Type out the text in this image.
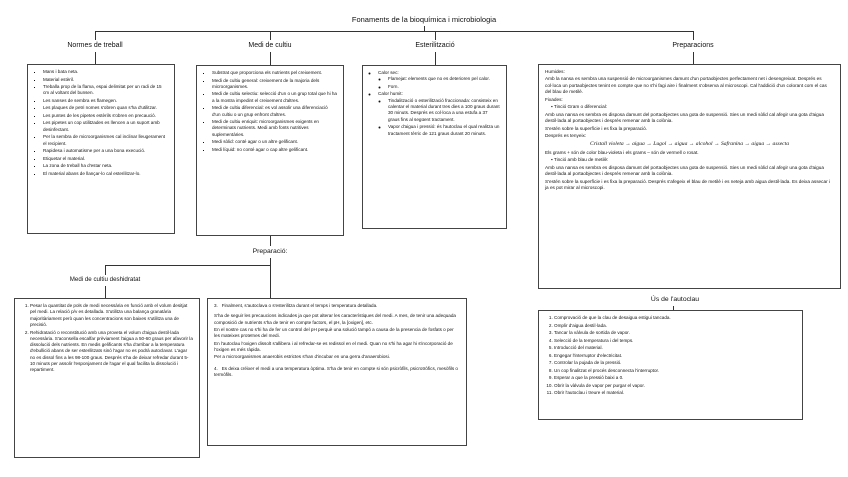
Fonaments de la bioquímica i microbiologia
Normes de treball	Medi de cultiu	Esterilització	Preparacions
▪ Mans i bata neta.
▪ Material estèril.
▪ Treballa prop de la flama, espai delimitat per un radi de 15 cm al voltant del bunsen.
▪ Les nanses de sembra es flamegen.
▪ Les plaques de petri nomes s'obren quan s'ha d'utilitzar.
▪ Les puntes de les pipetes estèrils s'obren en precaució.
▪ Les pipetes un cop utilitzades es llencen a un suport amb desinfectant.
▪ Per la sembra de microorganismes cal inclinar lleugerament el recipient.
▪ Rapidesa i automatisme per a una bona execució.
▪ Etiquetar el material.
▪ La zona de treball ha d'estar neta.
▪ El material abans de llançar-lo cal esterilitzar-lo.
▪ Substrat que proporciona els nutrients pel creixement.
▪ Medi de cultiu general: creixement de la majoria dels microorganismes.
▪ Medi de cultiu selectiu: selecció d'un o un grup total que hi ha a la mostra impedint el creixement d'altres.
▪ Medi de cultiu diferencial: es vol assolir una diferenciació d'un cultiu o un grup enfront d'altres.
▪ Medi de cultiu enriquit: microorganismes exigents en determinats nutrients. Medi amb fonts nutritives suplementàries.
▪ Medi sòlid: conté agar o un altre gelificant.
▪ Medi líquid: no conté agar o cap altre gelificant.
◦ Calor sec:
◦ Flamejat: elements que no es deterioren pel calor.
◦ Forn.
◦ Calor humit:
◦ Tindalització o esterilització fraccionada: consisteix en calentar el material durant tres dies a 100 graus durant 30 minuts. Després es col·loca a una estufa a 37 graus fins al següent tractament.
◦ Vapor d'aigua i pressió: és l'autoclau el qual realitza un tractament tèrric de 121 graus durant 20 minuts.

Humides:

Amb la nansa es sembra una suspensió de microorganismes damunt d'un portaobjectes perfectament net i desengreixat. Després es col·loca un portaobjectes tenint en compte que no s'hi fagi aire i finalment s'observa al microscopi. Cal l'addició d'un colorant com el cas del blau de metilè.

Fixades:

▪ Tinció Gram o diferencial:

Amb una nansa es sembra es disposa damunt del portaobjectes una gota de suspensió. Sies un medi sòlid cal afegir una gota d'aigua destil·lada al portaobjectes i després remenar amb la colònia.

S'estén sobre la superfície i es fixa la preparació.

Després es tenyeix:

Cristall violeta → aigua → Lugol → aigua → alcohol → Safranina → aigua → assecta

Els grams + són de color blau-violeta i els grams – són de vermell o rosat.

▪ Tinció amb blau de metilè:

Amb una nansa es sembra es disposa damunt del portaobjectes una gota de suspensió. Sies un medi sòlid cal afegir una gota d'aigua destil·lada al portaobjectes i després remenar amb la colònia.

S'estén sobre la superfície i es fixa la preparació. Després s'afegeix el blau de metilè i es neteja amb aigua destil·lada. Es deixa assecar i ja es pot mirar al microscopi.

Preparació:
Medi de cultiu deshidratat
1. Pesar la quantitat de pols de medi necessària en funció amb el volum desitjat pel medi. La relació p/v es detallada. S'utilitza una balança granatària majoritàriament però quan les concentracions son baixes s'utilitza una de precisió.
2. Rehidratació o reconstitució amb una proveta el volum d'aigua destil·lada necessària. S'aconsella escalfar prèviament l'aigua a 50-60 graus per afavorir la dissolució dels nutrients. En medis gelificants s'ha d'arribar a la temperatura d'ebullició abans de ser esterilitzats sinó l'agar no es podrà autoclavar. L'agar no es dissol fins a les 98-100 graus. Després s'ha de deixar refredar durant 5-10 minuts per assolir l'esponjament de l'agar el qual facilita la dissolució i repartiment.

3. Finalment, s'autoclava o s'esterilitza durant el temps i temperatura detallada.

S'ha de seguir les precaucions indicades ja que pot alterar les característiques del medi. A mes, de tenir una adequada composició de nutrients s'ha de tenir en compte factors, el pH, la [oxigen], etc.

En el nostre cas no s'hi ha de fer un control del pH perquè una solució tampó a causa de la presencia de fosfats o per les mateixes proteïnes del medi.

En l'autoclau l'oxigen dissolt s'allibera i al refredar-se es redissol en el medi. Quan no s'hi ha agar hi s'incorporació de l'oxigen es més ràpida.

Per a microorganismes anaerobis estrictes s'han d'incubar en una gerra d'anaerobiosi.

4. Es deixa créixer el medi a una temperatura òptima. S'ha de tenir en compte si són psicròfils, psicrotròfics, mesòfils o termòfils.

Ús de l'autoclau
1. Comprovació de que la clau de desaigua estigui tancada.
2. Omplir d'aigua destil·lada.
3. Tancar la vàlvula de sortida de vapor.
4. Selecció de la temperatura i del temps.
5. Introducció del material.
6. Engegar l'interruptor d'electricitat.
7. Controlar la pujada de la pressió.
8. Un cop finalitzat el procés desconnecta l'interruptor.
9. Esperar a que la pressió baixi a 0.
10. Obrir la vàlvula de vapor per purgar el vapor.
11. Obrir l'autoclau i treure el material.
